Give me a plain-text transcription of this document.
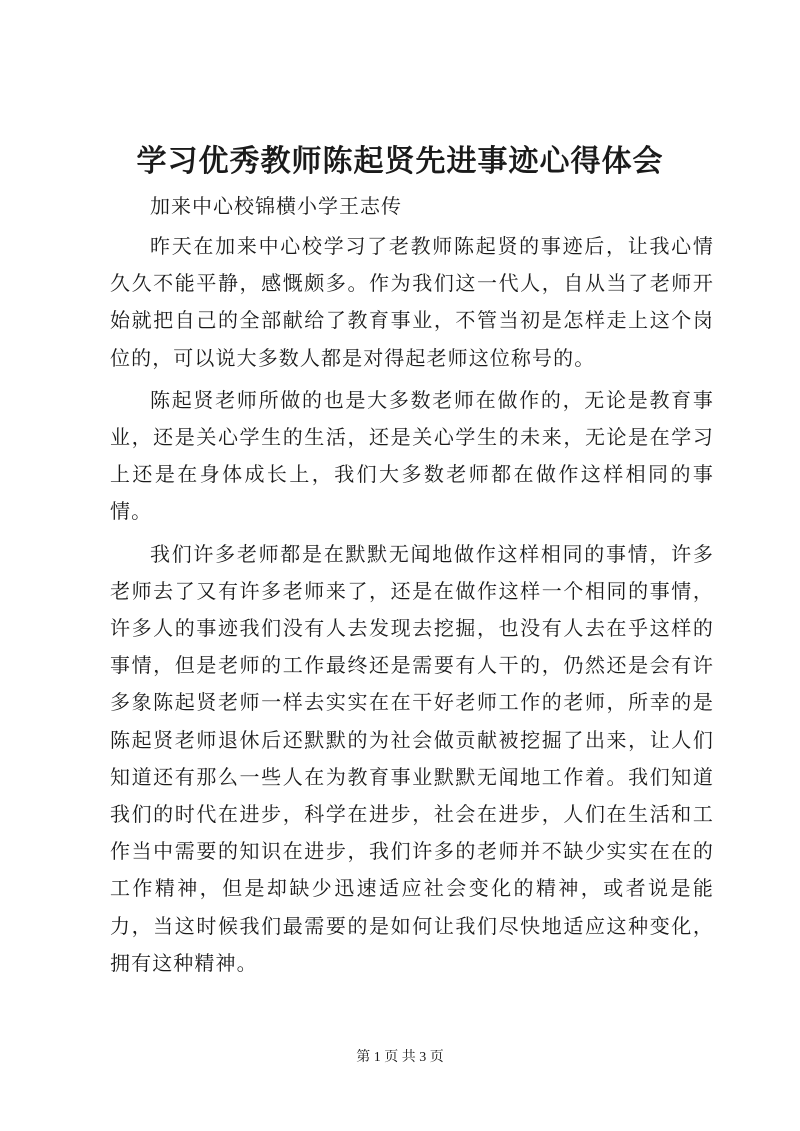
学习优秀教师陈起贤先进事迹心得体会

加来中心校锦横小学王志传

昨天在加来中心校学习了老教师陈起贤的事迹后，让我心情久久不能平静，感慨颇多。作为我们这一代人，自从当了老师开始就把自己的全部献给了教育事业，不管当初是怎样走上这个岗位的，可以说大多数人都是对得起老师这位称号的。

陈起贤老师所做的也是大多数老师在做作的，无论是教育事业，还是关心学生的生活，还是关心学生的未来，无论是在学习上还是在身体成长上，我们大多数老师都在做作这样相同的事情。

我们许多老师都是在默默无闻地做作这样相同的事情，许多老师去了又有许多老师来了，还是在做作这样一个相同的事情，许多人的事迹我们没有人去发现去挖掘，也没有人去在乎这样的事情，但是老师的工作最终还是需要有人干的，仍然还是会有许多象陈起贤老师一样去实实在在干好老师工作的老师，所幸的是陈起贤老师退休后还默默的为社会做贡献被挖掘了出来，让人们知道还有那么一些人在为教育事业默默无闻地工作着。我们知道我们的时代在进步，科学在进步，社会在进步，人们在生活和工作当中需要的知识在进步，我们许多的老师并不缺少实实在在的工作精神，但是却缺少迅速适应社会变化的精神，或者说是能力，当这时候我们最需要的是如何让我们尽快地适应这种变化，拥有这种精神。

第 1 页 共 3 页
